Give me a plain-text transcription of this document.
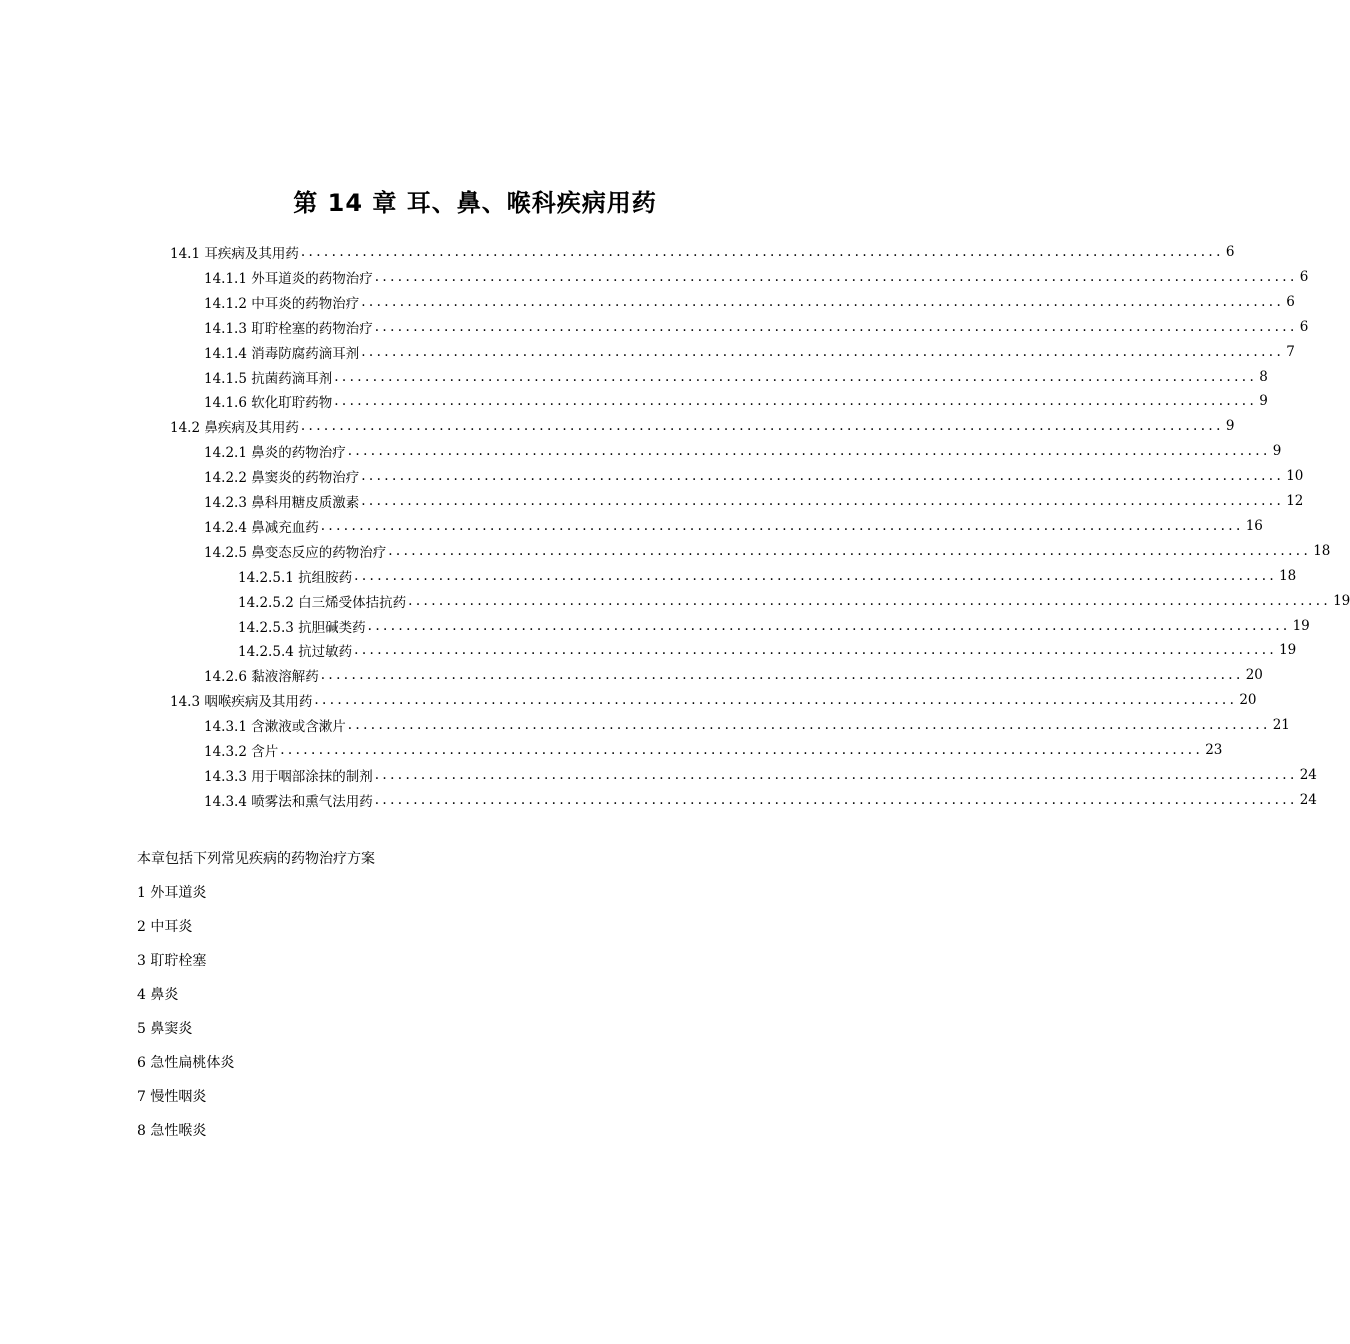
第 14 章 耳、鼻、喉科疾病用药
14.1 耳疾病及其用药 ........................................................................................................................ 6
14.1.1 外耳道炎的药物治疗 ........................................................................................................................ 6
14.1.2 中耳炎的药物治疗 ........................................................................................................................ 6
14.1.3 耵聍栓塞的药物治疗 ........................................................................................................................ 6
14.1.4 消毒防腐药滴耳剂 ........................................................................................................................ 7
14.1.5 抗菌药滴耳剂 ........................................................................................................................ 8
14.1.6 软化耵聍药物 ........................................................................................................................ 9
14.2 鼻疾病及其用药 ........................................................................................................................ 9
14.2.1 鼻炎的药物治疗 ........................................................................................................................ 9
14.2.2 鼻窦炎的药物治疗 ........................................................................................................................ 10
14.2.3 鼻科用糖皮质激素 ........................................................................................................................ 12
14.2.4 鼻减充血药 ........................................................................................................................ 16
14.2.5 鼻变态反应的药物治疗 ........................................................................................................................ 18
14.2.5.1 抗组胺药 ........................................................................................................................ 18
14.2.5.2 白三烯受体拮抗药 ........................................................................................................................ 19
14.2.5.3 抗胆碱类药 ........................................................................................................................ 19
14.2.5.4 抗过敏药 ........................................................................................................................ 19
14.2.6 黏液溶解药 ........................................................................................................................ 20
14.3 咽喉疾病及其用药 ........................................................................................................................ 20
14.3.1 含漱液或含漱片 ........................................................................................................................ 21
14.3.2 含片 ........................................................................................................................ 23
14.3.3 用于咽部涂抹的制剂 ........................................................................................................................ 24
14.3.4 喷雾法和熏气法用药 ........................................................................................................................ 24

本章包括下列常见疾病的药物治疗方案

1 外耳道炎
2 中耳炎
3 耵聍栓塞
4 鼻炎
5 鼻窦炎
6 急性扁桃体炎
7 慢性咽炎
8 急性喉炎
